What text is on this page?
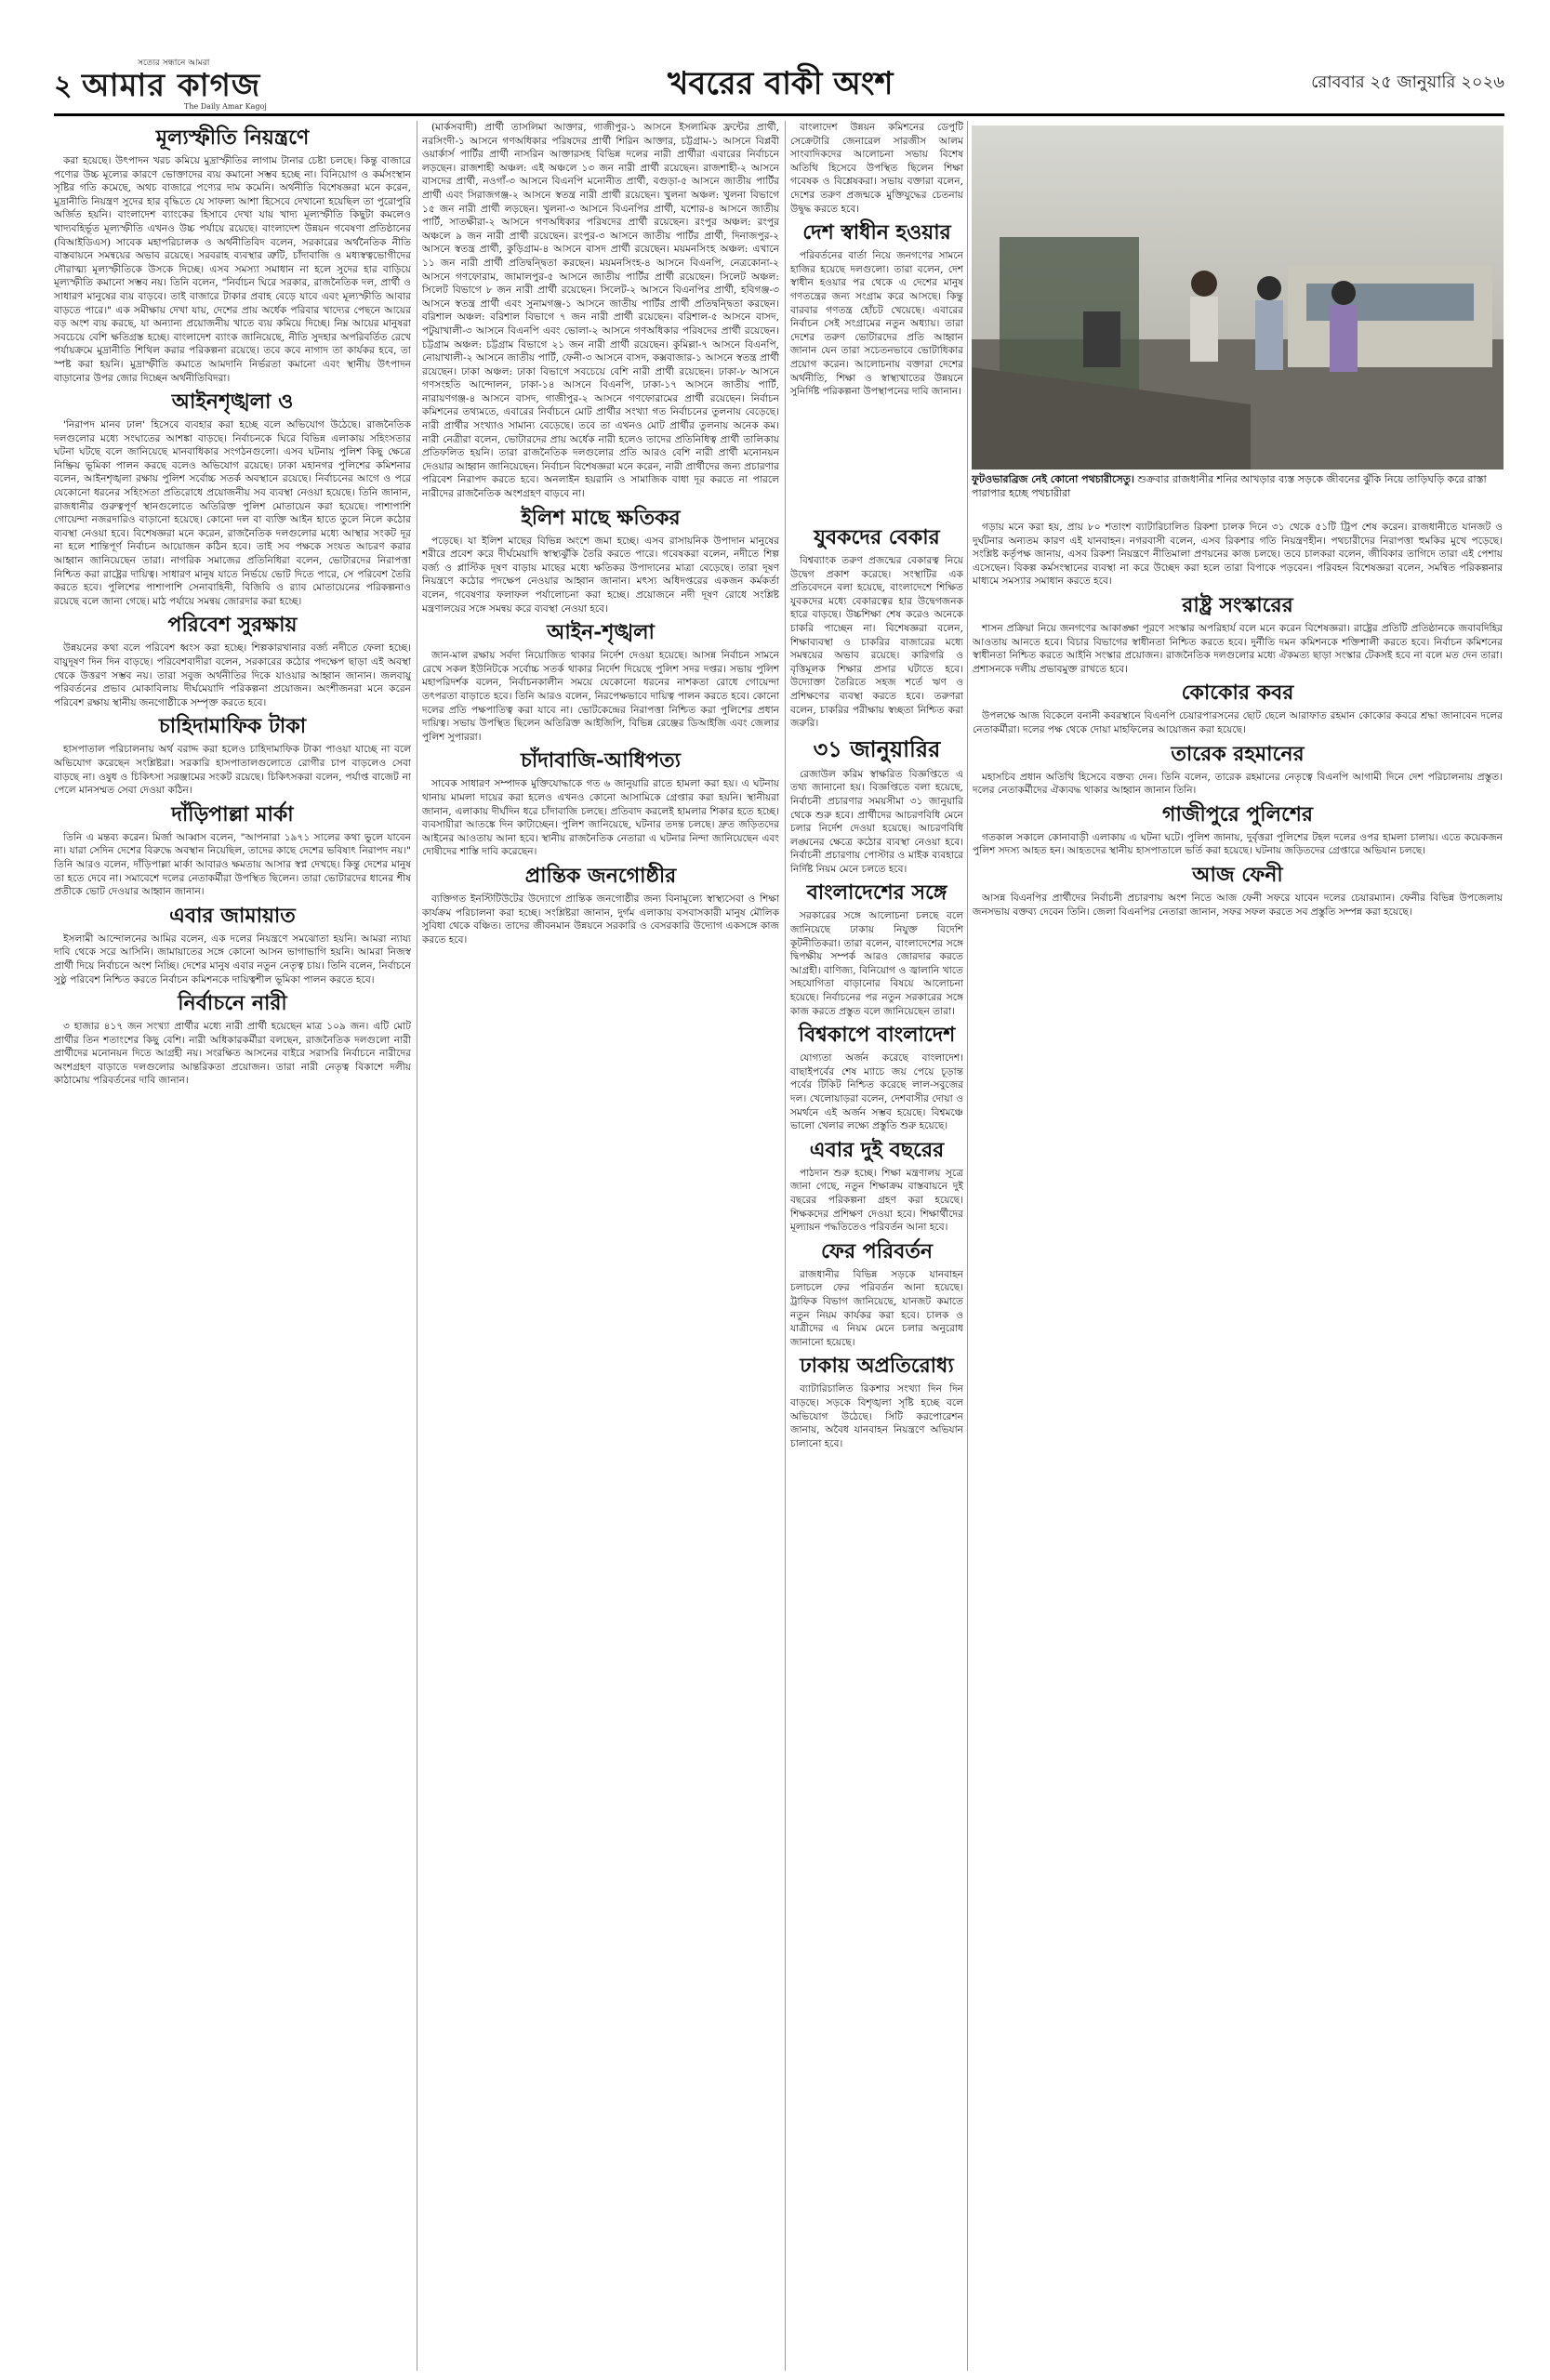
২
সত্যের সন্ধানে আমরা
আমার কাগজ
The Daily Amar Kagoj
খবরের বাকী অংশ	রোববার ২৫ জানুয়ারি ২০২৬
মূল্যস্ফীতি নিয়ন্ত্রণে

করা হয়েছে। উৎপাদন খরচ কমিয়ে মুদ্রাস্ফীতির লাগাম টানার চেষ্টা চলছে। কিন্তু বাজারে পণ্যের উচ্চ মূল্যের কারণে ভোক্তাদের ব্যয় কমানো সম্ভব হচ্ছে না। বিনিয়োগ ও কর্মসংস্থান সৃষ্টির গতি কমেছে, অথচ বাজারে পণ্যের দাম কমেনি। অর্থনীতি বিশেষজ্ঞরা মনে করেন, মুদ্রানীতি নিয়ন্ত্রণ সুদের হার বৃদ্ধিতে যে সাফল্য আশা হিসেবে দেখানো হয়েছিল তা পুরোপুরি অর্জিত হয়নি। বাংলাদেশ ব্যাংকের হিসাবে দেখা যায় খাদ্য মূল্যস্ফীতি কিছুটা কমলেও খাদ্যবহির্ভূত মূল্যস্ফীতি এখনও উচ্চ পর্যায়ে রয়েছে। বাংলাদেশ উন্নয়ন গবেষণা প্রতিষ্ঠানের (বিআইডিএস) সাবেক মহাপরিচালক ও অর্থনীতিবিদ বলেন, সরকারের অর্থনৈতিক নীতি বাস্তবায়নে সমন্বয়ের অভাব রয়েছে। সরবরাহ ব্যবস্থার ত্রুটি, চাঁদাবাজি ও মধ্যস্বত্বভোগীদের দৌরাত্ম্য মূল্যস্ফীতিকে উসকে দিচ্ছে। এসব সমস্যা সমাধান না হলে সুদের হার বাড়িয়ে মূল্যস্ফীতি কমানো সম্ভব নয়। তিনি বলেন, "নির্বাচন ঘিরে সরকার, রাজনৈতিক দল, প্রার্থী ও সাধারণ মানুষের ব্যয় বাড়বে। তাই বাজারে টাকার প্রবাহ বেড়ে যাবে এবং মূল্যস্ফীতি আবার বাড়তে পারে।" এক সমীক্ষায় দেখা যায়, দেশের প্রায় অর্ধেক পরিবার খাদ্যের পেছনে আয়ের বড় অংশ ব্যয় করছে, যা অন্যান্য প্রয়োজনীয় খাতে ব্যয় কমিয়ে দিচ্ছে। নিম্ন আয়ের মানুষরা সবচেয়ে বেশি ক্ষতিগ্রস্ত হচ্ছে। বাংলাদেশ ব্যাংক জানিয়েছে, নীতি সুদহার অপরিবর্তিত রেখে পর্যায়ক্রমে মুদ্রানীতি শিথিল করার পরিকল্পনা রয়েছে। তবে কবে নাগাদ তা কার্যকর হবে, তা স্পষ্ট করা হয়নি। মুদ্রাস্ফীতি কমাতে আমদানি নির্ভরতা কমানো এবং স্থানীয় উৎপাদন বাড়ানোর উপর জোর দিচ্ছেন অর্থনীতিবিদরা।

আইনশৃঙ্খলা ও

'নিরাপদ মানব ঢাল' হিসেবে ব্যবহার করা হচ্ছে বলে অভিযোগ উঠেছে। রাজনৈতিক দলগুলোর মধ্যে সংঘাতের আশঙ্কা বাড়ছে। নির্বাচনকে ঘিরে বিভিন্ন এলাকায় সহিংসতার ঘটনা ঘটছে বলে জানিয়েছে মানবাধিকার সংগঠনগুলো। এসব ঘটনায় পুলিশ কিছু ক্ষেত্রে নিষ্ক্রিয় ভূমিকা পালন করছে বলেও অভিযোগ রয়েছে। ঢাকা মহানগর পুলিশের কমিশনার বলেন, আইনশৃঙ্খলা রক্ষায় পুলিশ সর্বোচ্চ সতর্ক অবস্থানে রয়েছে। নির্বাচনের আগে ও পরে যেকোনো ধরনের সহিংসতা প্রতিরোধে প্রয়োজনীয় সব ব্যবস্থা নেওয়া হয়েছে। তিনি জানান, রাজধানীর গুরুত্বপূর্ণ স্থানগুলোতে অতিরিক্ত পুলিশ মোতায়েন করা হয়েছে। পাশাপাশি গোয়েন্দা নজরদারিও বাড়ানো হয়েছে। কোনো দল বা ব্যক্তি আইন হাতে তুলে নিলে কঠোর ব্যবস্থা নেওয়া হবে। বিশেষজ্ঞরা মনে করেন, রাজনৈতিক দলগুলোর মধ্যে আস্থার সংকট দূর না হলে শান্তিপূর্ণ নির্বাচন আয়োজন কঠিন হবে। তাই সব পক্ষকে সংযত আচরণ করার আহ্বান জানিয়েছেন তারা। নাগরিক সমাজের প্রতিনিধিরা বলেন, ভোটারদের নিরাপত্তা নিশ্চিত করা রাষ্ট্রের দায়িত্ব। সাধারণ মানুষ যাতে নির্ভয়ে ভোট দিতে পারে, সে পরিবেশ তৈরি করতে হবে। পুলিশের পাশাপাশি সেনাবাহিনী, বিজিবি ও র‍্যাব মোতায়েনের পরিকল্পনাও রয়েছে বলে জানা গেছে। মাঠ পর্যায়ে সমন্বয় জোরদার করা হচ্ছে।

পরিবেশ সুরক্ষায়

উন্নয়নের কথা বলে পরিবেশ ধ্বংস করা হচ্ছে। শিল্পকারখানার বর্জ্য নদীতে ফেলা হচ্ছে। বায়ুদূষণ দিন দিন বাড়ছে। পরিবেশবাদীরা বলেন, সরকারের কঠোর পদক্ষেপ ছাড়া এই অবস্থা থেকে উত্তরণ সম্ভব নয়। তারা সবুজ অর্থনীতির দিকে যাওয়ার আহ্বান জানান। জলবায়ু পরিবর্তনের প্রভাব মোকাবিলায় দীর্ঘমেয়াদি পরিকল্পনা প্রয়োজন। অংশীজনরা মনে করেন পরিবেশ রক্ষায় স্থানীয় জনগোষ্ঠীকে সম্পৃক্ত করতে হবে।

চাহিদামাফিক টাকা

হাসপাতাল পরিচালনায় অর্থ বরাদ্দ করা হলেও চাহিদামাফিক টাকা পাওয়া যাচ্ছে না বলে অভিযোগ করেছেন সংশ্লিষ্টরা। সরকারি হাসপাতালগুলোতে রোগীর চাপ বাড়লেও সেবা বাড়ছে না। ওষুধ ও চিকিৎসা সরঞ্জামের সংকট রয়েছে। চিকিৎসকরা বলেন, পর্যাপ্ত বাজেট না পেলে মানসম্মত সেবা দেওয়া কঠিন।

দাঁড়িপাল্লা মার্কা

তিনি এ মন্তব্য করেন। মির্জা আব্বাস বলেন, "আপনারা ১৯৭১ সালের কথা ভুলে যাবেন না। যারা সেদিন দেশের বিরুদ্ধে অবস্থান নিয়েছিল, তাদের কাছে দেশের ভবিষ্যৎ নিরাপদ নয়।" তিনি আরও বলেন, দাঁড়িপাল্লা মার্কা আবারও ক্ষমতায় আসার স্বপ্ন দেখছে। কিন্তু দেশের মানুষ তা হতে দেবে না। সমাবেশে দলের নেতাকর্মীরা উপস্থিত ছিলেন। তারা ভোটারদের ধানের শীষ প্রতীকে ভোট দেওয়ার আহ্বান জানান।

এবার জামায়াত

ইসলামী আন্দোলনের আমির বলেন, এক দলের নিয়ন্ত্রণে সমঝোতা হয়নি। আমরা ন্যায্য দাবি থেকে সরে আসিনি। জামায়াতের সঙ্গে কোনো আসন ভাগাভাগি হয়নি। আমরা নিজস্ব প্রার্থী দিয়ে নির্বাচনে অংশ নিচ্ছি। দেশের মানুষ এবার নতুন নেতৃত্ব চায়। তিনি বলেন, নির্বাচনে সুষ্ঠু পরিবেশ নিশ্চিত করতে নির্বাচন কমিশনকে দায়িত্বশীল ভূমিকা পালন করতে হবে।

নির্বাচনে নারী

৩ হাজার ৪১৭ জন সংখ্যা প্রার্থীর মধ্যে নারী প্রার্থী হয়েছেন মাত্র ১০৯ জন। এটি মোট প্রার্থীর তিন শতাংশের কিছু বেশি। নারী অধিকারকর্মীরা বলছেন, রাজনৈতিক দলগুলো নারী প্রার্থীদের মনোনয়ন দিতে আগ্রহী নয়। সংরক্ষিত আসনের বাইরে সরাসরি নির্বাচনে নারীদের অংশগ্রহণ বাড়াতে দলগুলোর আন্তরিকতা প্রয়োজন। তারা নারী নেতৃত্ব বিকাশে দলীয় কাঠামোয় পরিবর্তনের দাবি জানান।

(মার্কসবাদী) প্রার্থী তাসলিমা আক্তার, গাজীপুর-১ আসনে ইসলামিক ফ্রন্টের প্রার্থী, নরসিংদী-১ আসনে গণঅধিকার পরিষদের প্রার্থী শিরিন আক্তার, চট্টগ্রাম-১ আসনে বিপ্লবী ওয়ার্কার্স পার্টির প্রার্থী নাসরিন আক্তারসহ বিভিন্ন দলের নারী প্রার্থীরা এবারের নির্বাচনে লড়ছেন। রাজশাহী অঞ্চল: এই অঞ্চলে ১৩ জন নারী প্রার্থী রয়েছেন। রাজশাহী-২ আসনে বাসদের প্রার্থী, নওগাঁ-৩ আসনে বিএনপি মনোনীত প্রার্থী, বগুড়া-৫ আসনে জাতীয় পার্টির প্রার্থী এবং সিরাজগঞ্জ-২ আসনে স্বতন্ত্র নারী প্রার্থী রয়েছেন। খুলনা অঞ্চল: খুলনা বিভাগে ১৫ জন নারী প্রার্থী লড়ছেন। খুলনা-৩ আসনে বিএনপির প্রার্থী, যশোর-৪ আসনে জাতীয় পার্টি, সাতক্ষীরা-২ আসনে গণঅধিকার পরিষদের প্রার্থী রয়েছেন। রংপুর অঞ্চল: রংপুর অঞ্চলে ৯ জন নারী প্রার্থী রয়েছেন। রংপুর-৩ আসনে জাতীয় পার্টির প্রার্থী, দিনাজপুর-২ আসনে স্বতন্ত্র প্রার্থী, কুড়িগ্রাম-৪ আসনে বাসদ প্রার্থী রয়েছেন। ময়মনসিংহ অঞ্চল: এখানে ১১ জন নারী প্রার্থী প্রতিদ্বন্দ্বিতা করছেন। ময়মনসিংহ-৪ আসনে বিএনপি, নেত্রকোনা-২ আসনে গণফোরাম, জামালপুর-৫ আসনে জাতীয় পার্টির প্রার্থী রয়েছেন। সিলেট অঞ্চল: সিলেট বিভাগে ৮ জন নারী প্রার্থী রয়েছেন। সিলেট-২ আসনে বিএনপির প্রার্থী, হবিগঞ্জ-৩ আসনে স্বতন্ত্র প্রার্থী এবং সুনামগঞ্জ-১ আসনে জাতীয় পার্টির প্রার্থী প্রতিদ্বন্দ্বিতা করছেন। বরিশাল অঞ্চল: বরিশাল বিভাগে ৭ জন নারী প্রার্থী রয়েছেন। বরিশাল-৫ আসনে বাসদ, পটুয়াখালী-৩ আসনে বিএনপি এবং ভোলা-২ আসনে গণঅধিকার পরিষদের প্রার্থী রয়েছেন। চট্টগ্রাম অঞ্চল: চট্টগ্রাম বিভাগে ২১ জন নারী প্রার্থী রয়েছেন। কুমিল্লা-৭ আসনে বিএনপি, নোয়াখালী-২ আসনে জাতীয় পার্টি, ফেনী-৩ আসনে বাসদ, কক্সবাজার-১ আসনে স্বতন্ত্র প্রার্থী রয়েছেন। ঢাকা অঞ্চল: ঢাকা বিভাগে সবচেয়ে বেশি নারী প্রার্থী রয়েছেন। ঢাকা-৮ আসনে গণসংহতি আন্দোলন, ঢাকা-১৪ আসনে বিএনপি, ঢাকা-১৭ আসনে জাতীয় পার্টি, নারায়ণগঞ্জ-৪ আসনে বাসদ, গাজীপুর-২ আসনে গণফোরামের প্রার্থী রয়েছেন। নির্বাচন কমিশনের তথ্যমতে, এবারের নির্বাচনে মোট প্রার্থীর সংখ্যা গত নির্বাচনের তুলনায় বেড়েছে। নারী প্রার্থীর সংখ্যাও সামান্য বেড়েছে। তবে তা এখনও মোট প্রার্থীর তুলনায় অনেক কম। নারী নেত্রীরা বলেন, ভোটারদের প্রায় অর্ধেক নারী হলেও তাদের প্রতিনিধিত্ব প্রার্থী তালিকায় প্রতিফলিত হয়নি। তারা রাজনৈতিক দলগুলোর প্রতি আরও বেশি নারী প্রার্থী মনোনয়ন দেওয়ার আহ্বান জানিয়েছেন। নির্বাচন বিশেষজ্ঞরা মনে করেন, নারী প্রার্থীদের জন্য প্রচারণার পরিবেশ নিরাপদ করতে হবে। অনলাইন হয়রানি ও সামাজিক বাধা দূর করতে না পারলে নারীদের রাজনৈতিক অংশগ্রহণ বাড়বে না।

ইলিশ মাছে ক্ষতিকর

পড়েছে। যা ইলিশ মাছের বিভিন্ন অংশে জমা হচ্ছে। এসব রাসায়নিক উপাদান মানুষের শরীরে প্রবেশ করে দীর্ঘমেয়াদি স্বাস্থ্যঝুঁকি তৈরি করতে পারে। গবেষকরা বলেন, নদীতে শিল্প বর্জ্য ও প্লাস্টিক দূষণ বাড়ায় মাছের মধ্যে ক্ষতিকর উপাদানের মাত্রা বেড়েছে। তারা দূষণ নিয়ন্ত্রণে কঠোর পদক্ষেপ নেওয়ার আহ্বান জানান। মৎস্য অধিদপ্তরের একজন কর্মকর্তা বলেন, গবেষণার ফলাফল পর্যালোচনা করা হচ্ছে। প্রয়োজনে নদী দূষণ রোধে সংশ্লিষ্ট মন্ত্রণালয়ের সঙ্গে সমন্বয় করে ব্যবস্থা নেওয়া হবে।

আইন-শৃঙ্খলা

জান-মাল রক্ষায় সর্বদা নিয়োজিত থাকার নির্দেশ দেওয়া হয়েছে। আসন্ন নির্বাচন সামনে রেখে সকল ইউনিটকে সর্বোচ্চ সতর্ক থাকার নির্দেশ দিয়েছে পুলিশ সদর দপ্তর। সভায় পুলিশ মহাপরিদর্শক বলেন, নির্বাচনকালীন সময়ে যেকোনো ধরনের নাশকতা রোধে গোয়েন্দা তৎপরতা বাড়াতে হবে। তিনি আরও বলেন, নিরপেক্ষভাবে দায়িত্ব পালন করতে হবে। কোনো দলের প্রতি পক্ষপাতিত্ব করা যাবে না। ভোটকেন্দ্রের নিরাপত্তা নিশ্চিত করা পুলিশের প্রধান দায়িত্ব। সভায় উপস্থিত ছিলেন অতিরিক্ত আইজিপি, বিভিন্ন রেঞ্জের ডিআইজি এবং জেলার পুলিশ সুপাররা।

চাঁদাবাজি-আধিপত্য

সাবেক সাধারণ সম্পাদক মুক্তিযোদ্ধাকে গত ৬ জানুয়ারি রাতে হামলা করা হয়। এ ঘটনায় থানায় মামলা দায়ের করা হলেও এখনও কোনো আসামিকে গ্রেপ্তার করা হয়নি। স্থানীয়রা জানান, এলাকায় দীর্ঘদিন ধরে চাঁদাবাজি চলছে। প্রতিবাদ করলেই হামলার শিকার হতে হচ্ছে। ব্যবসায়ীরা আতঙ্কে দিন কাটাচ্ছেন। পুলিশ জানিয়েছে, ঘটনার তদন্ত চলছে। দ্রুত জড়িতদের আইনের আওতায় আনা হবে। স্থানীয় রাজনৈতিক নেতারা এ ঘটনার নিন্দা জানিয়েছেন এবং দোষীদের শাস্তি দাবি করেছেন।

প্রান্তিক জনগোষ্ঠীর

ব্যক্তিগত ইনস্টিটিউটের উদ্যোগে প্রান্তিক জনগোষ্ঠীর জন্য বিনামূল্যে স্বাস্থ্যসেবা ও শিক্ষা কার্যক্রম পরিচালনা করা হচ্ছে। সংশ্লিষ্টরা জানান, দুর্গম এলাকায় বসবাসকারী মানুষ মৌলিক সুবিধা থেকে বঞ্চিত। তাদের জীবনমান উন্নয়নে সরকারি ও বেসরকারি উদ্যোগ একসঙ্গে কাজ করতে হবে।

বাংলাদেশ উন্নয়ন কমিশনের ডেপুটি সেক্রেটারি জেনারেল সারজীস আলম সাংবাদিকদের আলোচনা সভায় বিশেষ অতিথি হিসেবে উপস্থিত ছিলেন শিক্ষা গবেষক ও বিশ্লেষকরা। সভায় বক্তারা বলেন, দেশের তরুণ প্রজন্মকে মুক্তিযুদ্ধের চেতনায় উদ্বুদ্ধ করতে হবে।

দেশ স্বাধীন হওয়ার

পরিবর্তনের বার্তা নিয়ে জনগণের সামনে হাজির হয়েছে দলগুলো। তারা বলেন, দেশ স্বাধীন হওয়ার পর থেকে এ দেশের মানুষ গণতন্ত্রের জন্য সংগ্রাম করে আসছে। কিন্তু বারবার গণতন্ত্র হোঁচট খেয়েছে। এবারের নির্বাচন সেই সংগ্রামের নতুন অধ্যায়। তারা দেশের তরুণ ভোটারদের প্রতি আহ্বান জানান যেন তারা সচেতনভাবে ভোটাধিকার প্রয়োগ করেন। আলোচনায় বক্তারা দেশের অর্থনীতি, শিক্ষা ও স্বাস্থ্যখাতের উন্নয়নে সুনির্দিষ্ট পরিকল্পনা উপস্থাপনের দাবি জানান।

ফুটওভারব্রিজ নেই কোনো পথচারীসেতু। শুক্রবার রাজধানীর শনির আখড়ার ব্যস্ত সড়কে জীবনের ঝুঁকি নিয়ে তাড়িঘড়ি করে রাস্তা পারাপার হচ্ছে পথচারীরা
যুবকদের বেকার

বিশ্বব্যাংক তরুণ প্রজন্মের বেকারত্ব নিয়ে উদ্বেগ প্রকাশ করেছে। সংস্থাটির এক প্রতিবেদনে বলা হয়েছে, বাংলাদেশে শিক্ষিত যুবকদের মধ্যে বেকারত্বের হার উদ্বেগজনক হারে বাড়ছে। উচ্চশিক্ষা শেষ করেও অনেকে চাকরি পাচ্ছেন না। বিশেষজ্ঞরা বলেন, শিক্ষাব্যবস্থা ও চাকরির বাজারের মধ্যে সমন্বয়ের অভাব রয়েছে। কারিগরি ও বৃত্তিমূলক শিক্ষার প্রসার ঘটাতে হবে। উদ্যোক্তা তৈরিতে সহজ শর্তে ঋণ ও প্রশিক্ষণের ব্যবস্থা করতে হবে। তরুণরা বলেন, চাকরির পরীক্ষায় স্বচ্ছতা নিশ্চিত করা জরুরি।

৩১ জানুয়ারির

রেজাউল করিম স্বাক্ষরিত বিজ্ঞপ্তিতে এ তথ্য জানানো হয়। বিজ্ঞপ্তিতে বলা হয়েছে, নির্বাচনী প্রচারণার সময়সীমা ৩১ জানুয়ারি থেকে শুরু হবে। প্রার্থীদের আচরণবিধি মেনে চলার নির্দেশ দেওয়া হয়েছে। আচরণবিধি লঙ্ঘনের ক্ষেত্রে কঠোর ব্যবস্থা নেওয়া হবে। নির্বাচনী প্রচারণায় পোস্টার ও মাইক ব্যবহারে নির্দিষ্ট নিয়ম মেনে চলতে হবে।

বাংলাদেশের সঙ্গে

সরকারের সঙ্গে আলোচনা চলছে বলে জানিয়েছে ঢাকায় নিযুক্ত বিদেশি কূটনীতিকরা। তারা বলেন, বাংলাদেশের সঙ্গে দ্বিপক্ষীয় সম্পর্ক আরও জোরদার করতে আগ্রহী। বাণিজ্য, বিনিয়োগ ও জ্বালানি খাতে সহযোগিতা বাড়ানোর বিষয়ে আলোচনা হয়েছে। নির্বাচনের পর নতুন সরকারের সঙ্গে কাজ করতে প্রস্তুত বলে জানিয়েছেন তারা।

বিশ্বকাপে বাংলাদেশ

যোগ্যতা অর্জন করেছে বাংলাদেশ। বাছাইপর্বের শেষ ম্যাচে জয় পেয়ে চূড়ান্ত পর্বের টিকিট নিশ্চিত করেছে লাল-সবুজের দল। খেলোয়াড়রা বলেন, দেশবাসীর দোয়া ও সমর্থনে এই অর্জন সম্ভব হয়েছে। বিশ্বমঞ্চে ভালো খেলার লক্ষ্যে প্রস্তুতি শুরু হয়েছে।

এবার দুই বছরের

পাঠদান শুরু হচ্ছে। শিক্ষা মন্ত্রণালয় সূত্রে জানা গেছে, নতুন শিক্ষাক্রম বাস্তবায়নে দুই বছরের পরিকল্পনা গ্রহণ করা হয়েছে। শিক্ষকদের প্রশিক্ষণ দেওয়া হবে। শিক্ষার্থীদের মূল্যায়ন পদ্ধতিতেও পরিবর্তন আনা হবে।

ফের পরিবর্তন

রাজধানীর বিভিন্ন সড়কে যানবাহন চলাচলে ফের পরিবর্তন আনা হয়েছে। ট্রাফিক বিভাগ জানিয়েছে, যানজট কমাতে নতুন নিয়ম কার্যকর করা হবে। চালক ও যাত্রীদের এ নিয়ম মেনে চলার অনুরোধ জানানো হয়েছে।

ঢাকায় অপ্রতিরোধ্য

ব্যাটারিচালিত রিকশার সংখ্যা দিন দিন বাড়ছে। সড়কে বিশৃঙ্খলা সৃষ্টি হচ্ছে বলে অভিযোগ উঠেছে। সিটি করপোরেশন জানায়, অবৈধ যানবাহন নিয়ন্ত্রণে অভিযান চালানো হবে।

গড়ায় মনে করা হয়, প্রায় ৮০ শতাংশ ব্যাটারিচালিত রিকশা চালক দিনে ৩১ থেকে ৫১টি ট্রিপ শেষ করেন। রাজধানীতে যানজট ও দুর্ঘটনার অন্যতম কারণ এই যানবাহন। নগরবাসী বলেন, এসব রিকশার গতি নিয়ন্ত্রণহীন। পথচারীদের নিরাপত্তা হুমকির মুখে পড়েছে। সংশ্লিষ্ট কর্তৃপক্ষ জানায়, এসব রিকশা নিয়ন্ত্রণে নীতিমালা প্রণয়নের কাজ চলছে। তবে চালকরা বলেন, জীবিকার তাগিদে তারা এই পেশায় এসেছেন। বিকল্প কর্মসংস্থানের ব্যবস্থা না করে উচ্ছেদ করা হলে তারা বিপাকে পড়বেন। পরিবহন বিশেষজ্ঞরা বলেন, সমন্বিত পরিকল্পনার মাধ্যমে সমস্যার সমাধান করতে হবে।

রাষ্ট্র সংস্কারের

শাসন প্রক্রিয়া নিয়ে জনগণের আকাঙ্ক্ষা পূরণে সংস্কার অপরিহার্য বলে মনে করেন বিশেষজ্ঞরা। রাষ্ট্রের প্রতিটি প্রতিষ্ঠানকে জবাবদিহির আওতায় আনতে হবে। বিচার বিভাগের স্বাধীনতা নিশ্চিত করতে হবে। দুর্নীতি দমন কমিশনকে শক্তিশালী করতে হবে। নির্বাচন কমিশনের স্বাধীনতা নিশ্চিত করতে আইনি সংস্কার প্রয়োজন। রাজনৈতিক দলগুলোর মধ্যে ঐকমত্য ছাড়া সংস্কার টেকসই হবে না বলে মত দেন তারা। প্রশাসনকে দলীয় প্রভাবমুক্ত রাখতে হবে।

কোকোর কবর

উপলক্ষে আজ বিকেলে বনানী কবরস্থানে বিএনপি চেয়ারপারসনের ছোট ছেলে আরাফাত রহমান কোকোর কবরে শ্রদ্ধা জানাবেন দলের নেতাকর্মীরা। দলের পক্ষ থেকে দোয়া মাহফিলের আয়োজন করা হয়েছে।

তারেক রহমানের

মহাসচিব প্রধান অতিথি হিসেবে বক্তব্য দেন। তিনি বলেন, তারেক রহমানের নেতৃত্বে বিএনপি আগামী দিনে দেশ পরিচালনায় প্রস্তুত। দলের নেতাকর্মীদের ঐক্যবদ্ধ থাকার আহ্বান জানান তিনি।

গাজীপুরে পুলিশের

গতকাল সকালে কোনাবাড়ী এলাকায় এ ঘটনা ঘটে। পুলিশ জানায়, দুর্বৃত্তরা পুলিশের টহল দলের ওপর হামলা চালায়। এতে কয়েকজন পুলিশ সদস্য আহত হন। আহতদের স্থানীয় হাসপাতালে ভর্তি করা হয়েছে। ঘটনায় জড়িতদের গ্রেপ্তারে অভিযান চলছে।

আজ ফেনী

আসন্ন বিএনপির প্রার্থীদের নির্বাচনী প্রচারণায় অংশ নিতে আজ ফেনী সফরে যাবেন দলের চেয়ারম্যান। ফেনীর বিভিন্ন উপজেলায় জনসভায় বক্তব্য দেবেন তিনি। জেলা বিএনপির নেতারা জানান, সফর সফল করতে সব প্রস্তুতি সম্পন্ন করা হয়েছে।
